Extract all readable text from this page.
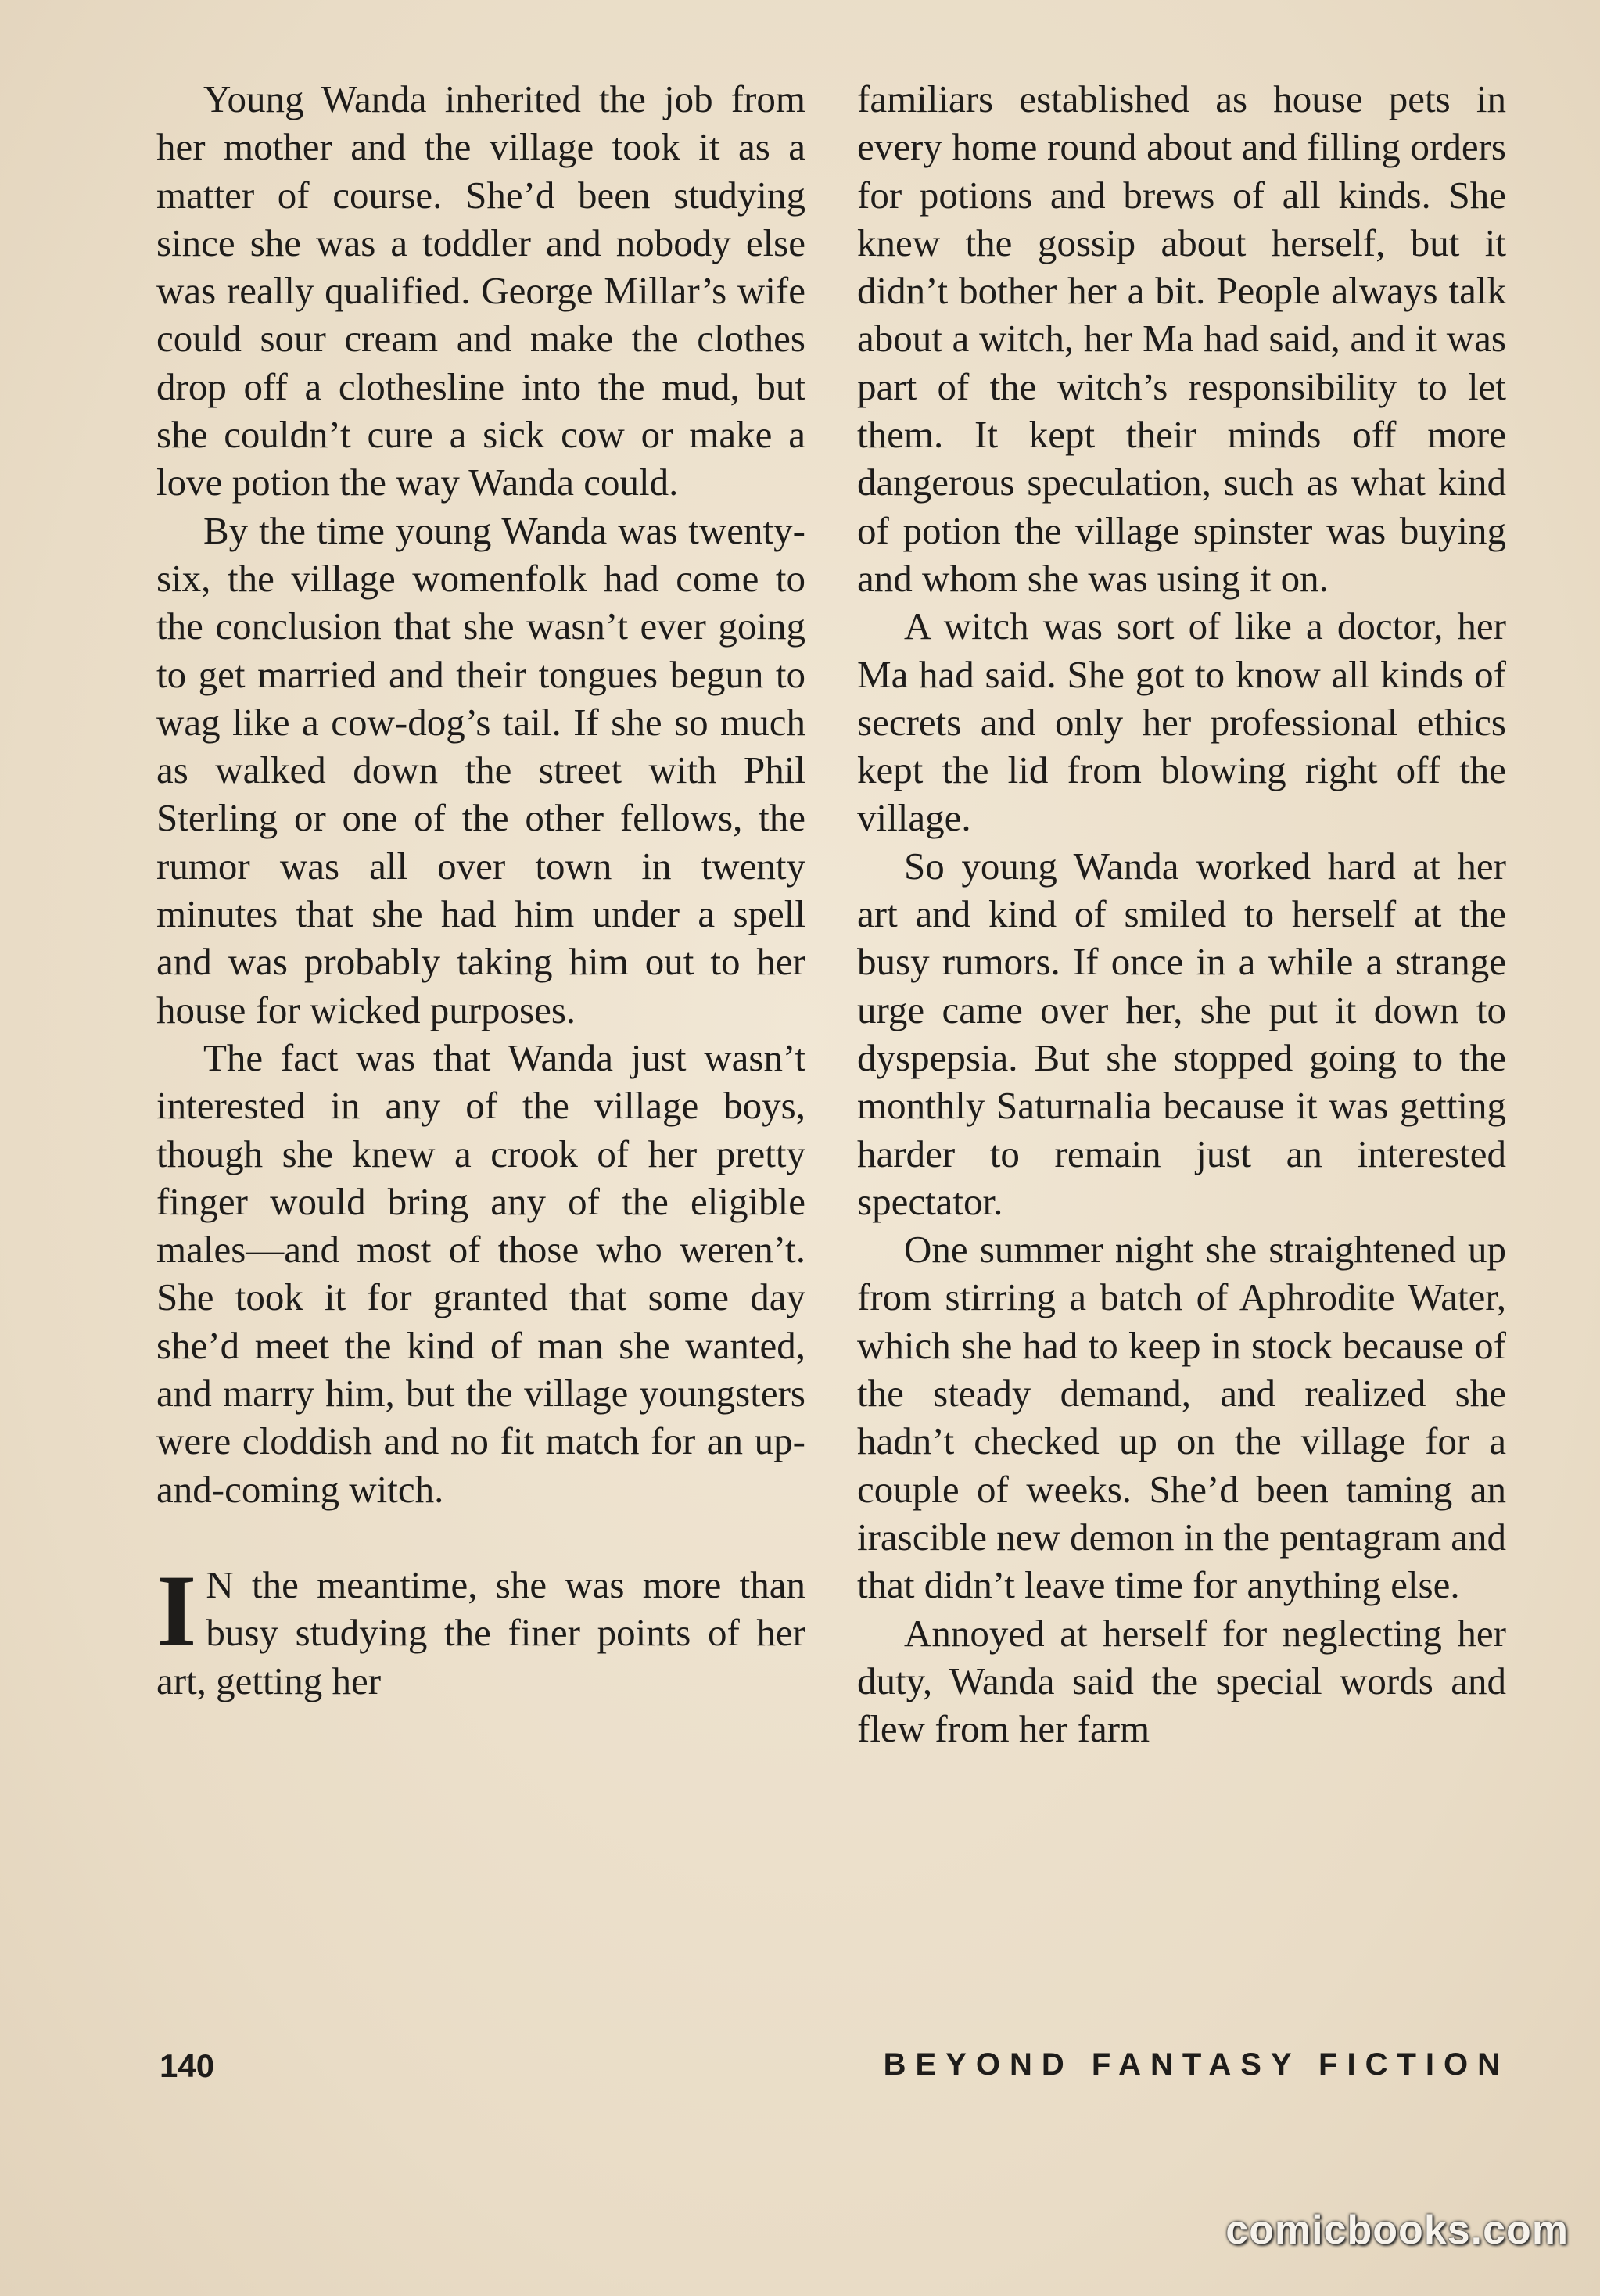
Young Wanda inherited the job from her mother and the village took it as a matter of course. She’d been studying since she was a toddler and nobody else was really qualified. George Millar’s wife could sour cream and make the clothes drop off a clothesline into the mud, but she couldn’t cure a sick cow or make a love potion the way Wanda could.

By the time young Wanda was twenty-six, the village womenfolk had come to the conclusion that she wasn’t ever going to get married and their tongues begun to wag like a cow-dog’s tail. If she so much as walked down the street with Phil Sterling or one of the other fellows, the rumor was all over town in twenty minutes that she had him under a spell and was probably taking him out to her house for wicked purposes.

The fact was that Wanda just wasn’t interested in any of the village boys, though she knew a crook of her pretty finger would bring any of the eligible males—and most of those who weren’t. She took it for granted that some day she’d meet the kind of man she wanted, and marry him, but the village youngsters were cloddish and no fit match for an up-and-coming witch.

I N the meantime, she was more than busy studying the finer points of her art, getting her

familiars established as house pets in every home round about and filling orders for potions and brews of all kinds. She knew the gossip about herself, but it didn’t bother her a bit. People always talk about a witch, her Ma had said, and it was part of the witch’s responsibility to let them. It kept their minds off more dangerous speculation, such as what kind of potion the village spinster was buying and whom she was using it on.

A witch was sort of like a doctor, her Ma had said. She got to know all kinds of secrets and only her professional ethics kept the lid from blowing right off the village.

So young Wanda worked hard at her art and kind of smiled to herself at the busy rumors. If once in a while a strange urge came over her, she put it down to dyspepsia. But she stopped going to the monthly Saturnalia because it was getting harder to remain just an interested spectator.

One summer night she straightened up from stirring a batch of Aphrodite Water, which she had to keep in stock because of the steady demand, and realized she hadn’t checked up on the village for a couple of weeks. She’d been taming an irascible new demon in the pentagram and that didn’t leave time for anything else.

Annoyed at herself for neglecting her duty, Wanda said the special words and flew from her farm

140	BEYOND FANTASY FICTION
comicbooks.com
